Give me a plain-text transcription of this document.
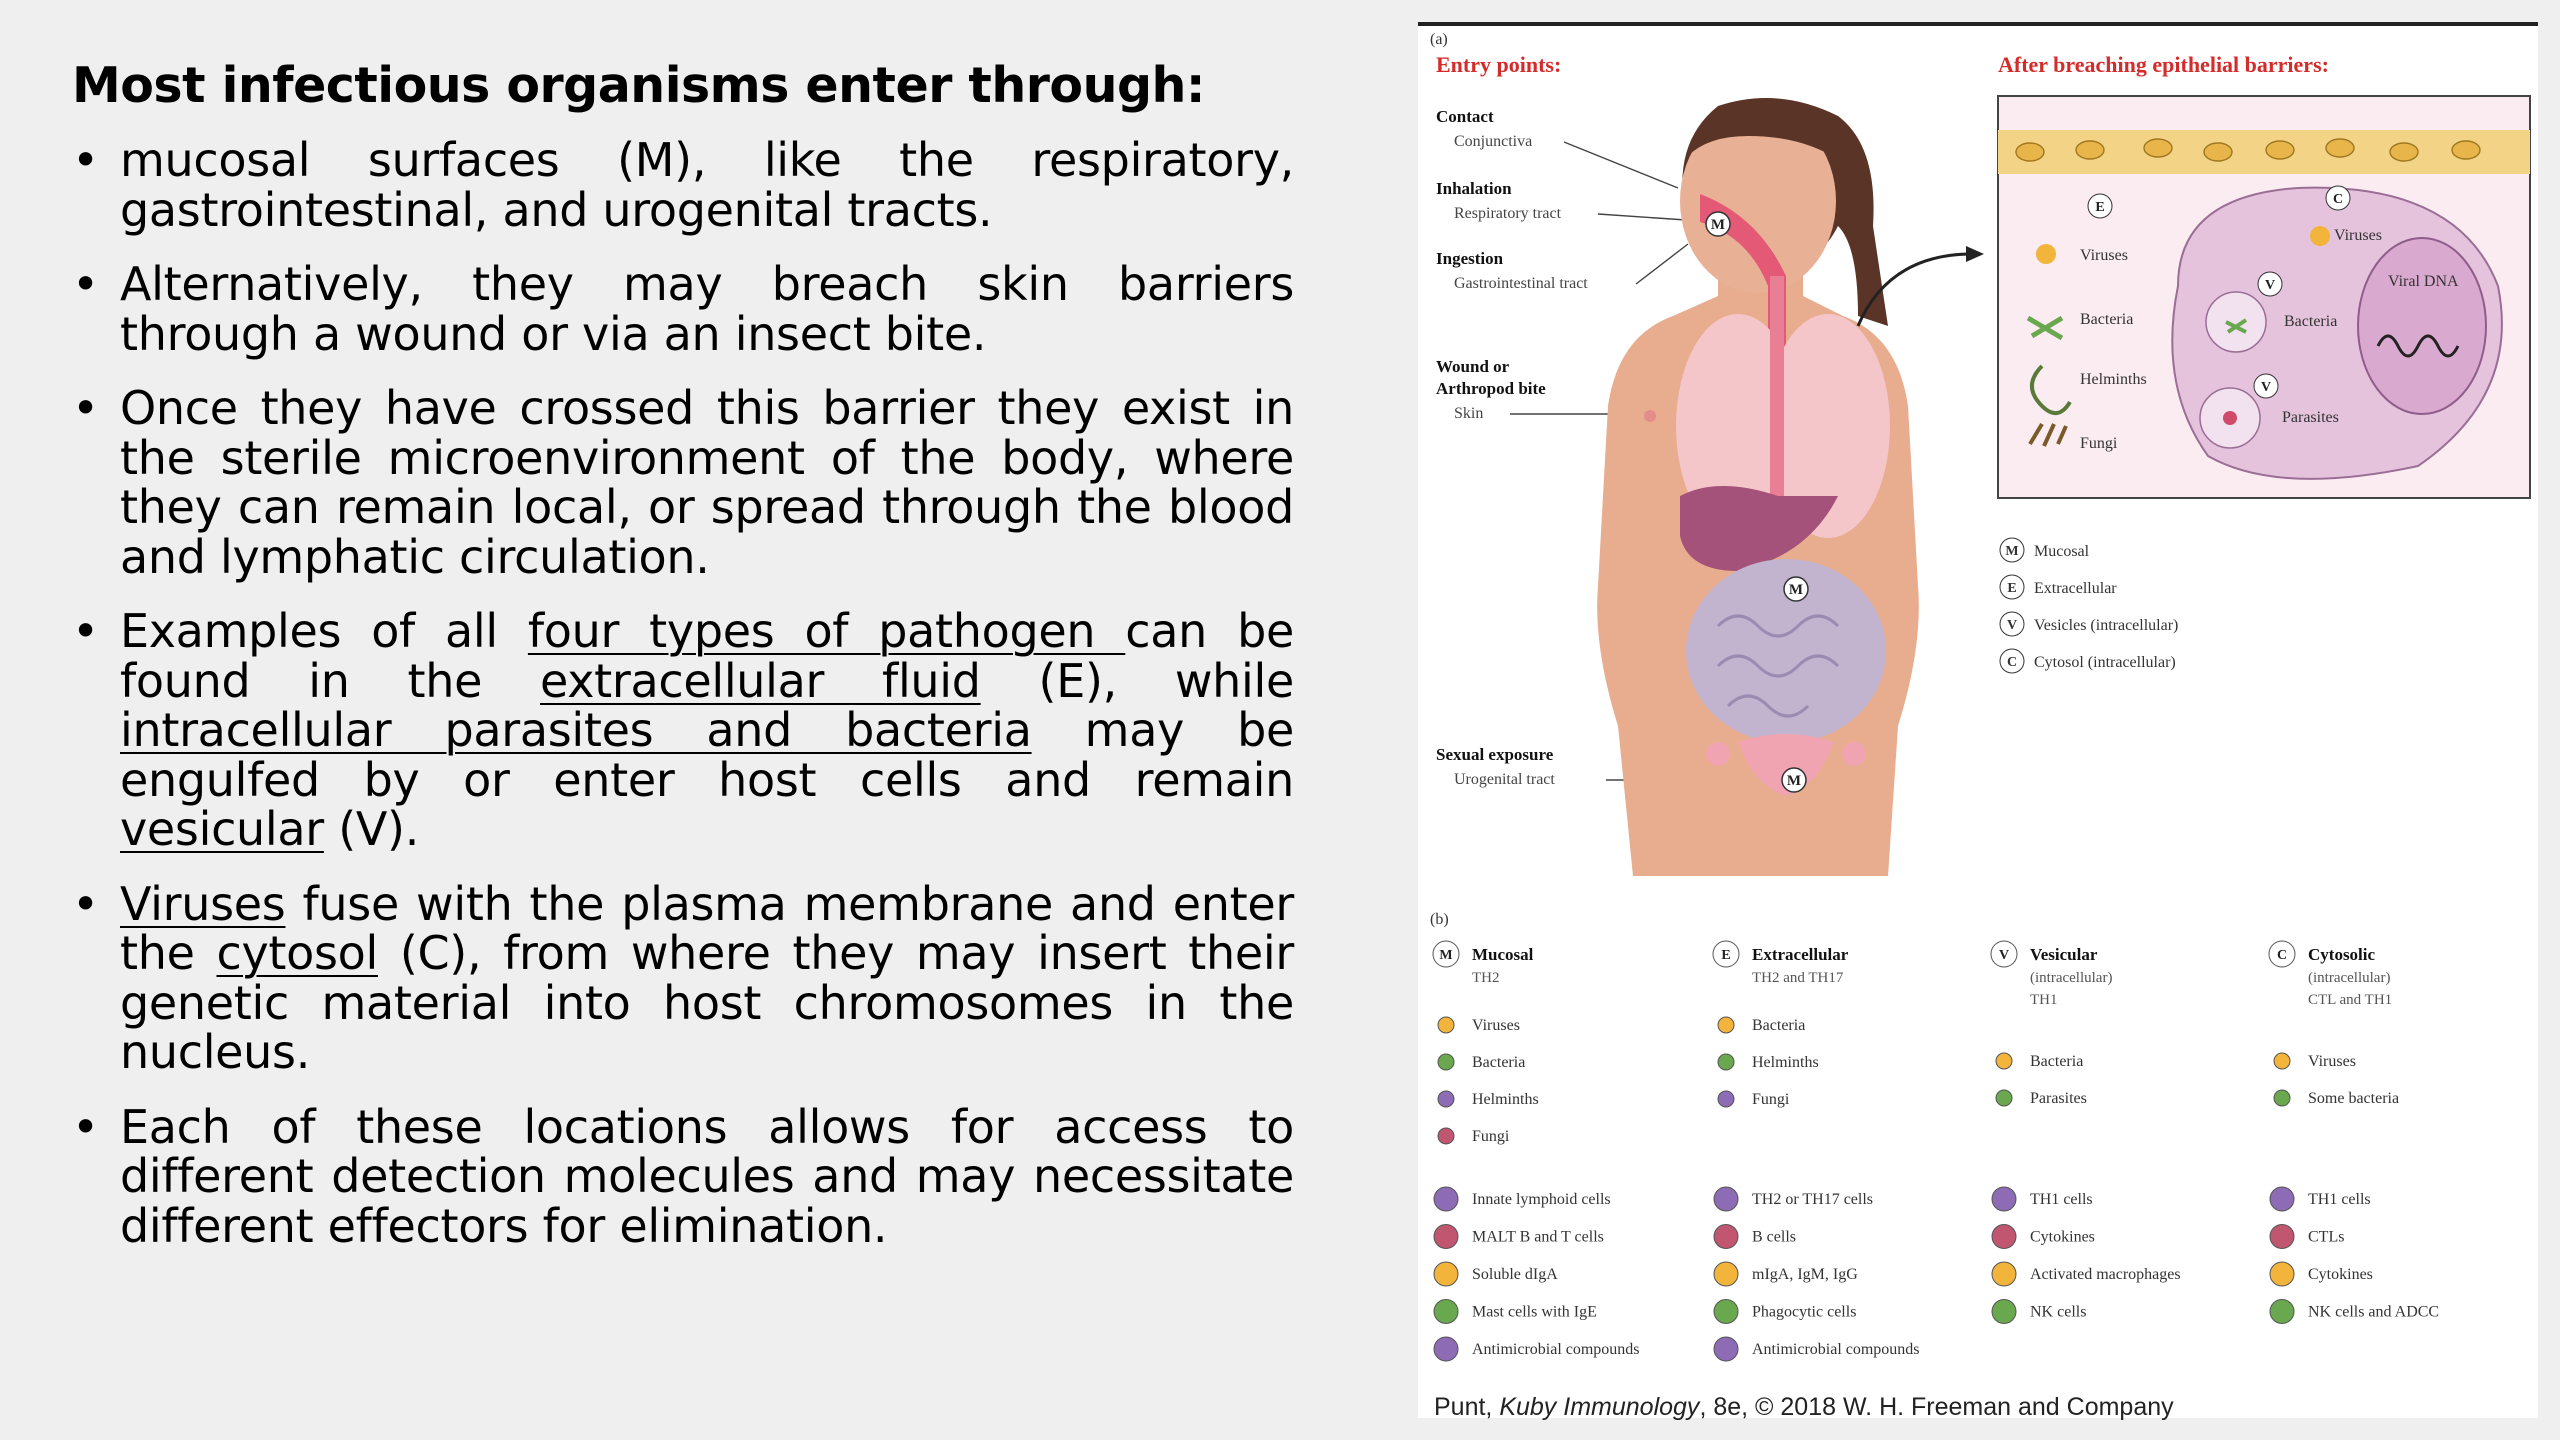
Most infectious organisms enter through:
• mucosal surfaces (M), like the respiratory, gastrointestinal, and urogenital tracts.
• Alternatively, they may breach skin barriers through a wound or via an insect bite.
• Once they have crossed this barrier they exist in the sterile microenvironment of the body, where they can remain local, or spread through the blood and lymphatic circulation.
• Examples of all four types of pathogen can be found in the extracellular fluid (E), while intracellular parasites and bacteria may be engulfed by or enter host cells and remain vesicular (V).
• Viruses fuse with the plasma membrane and enter the cytosol (C), from where they may insert their genetic material into host chromosomes in the nucleus.
• Each of these locations allows for access to different detection molecules and may necessitate different effectors for elimination.
(a)
Entry points:	After breaching epithelial barriers:
Contact
Conjunctiva
Inhalation
Respiratory tract
Ingestion
Gastrointestinal tract
Wound or
Arthropod bite
Skin
Sexual exposure
Urogenital tract
M
M
M
Viruses
Bacteria
Helminths
Fungi
Viruses
Bacteria
Parasites
Viral DNA
E
C
V
V
M Mucosal
E Extracellular
V Vesicles (intracellular)
C Cytosol (intracellular)
(b)
M Mucosal
TH2
Viruses
Bacteria
Helminths
Fungi
Innate lymphoid cells
MALT B and T cells
Soluble dIgA
Mast cells with IgE
Antimicrobial compounds
E Extracellular
TH2 and TH17
Bacteria
Helminths
Fungi
TH2 or TH17 cells
B cells
mIgA, IgM, IgG
Phagocytic cells
Antimicrobial compounds
V Vesicular
(intracellular)
TH1
Bacteria
Parasites
TH1 cells
Cytokines
Activated macrophages
NK cells
C Cytosolic
(intracellular)
CTL and TH1
Viruses
Some bacteria
TH1 cells
CTLs
Cytokines
NK cells and ADCC
Punt, Kuby Immunology, 8e, © 2018 W. H. Freeman and Company
